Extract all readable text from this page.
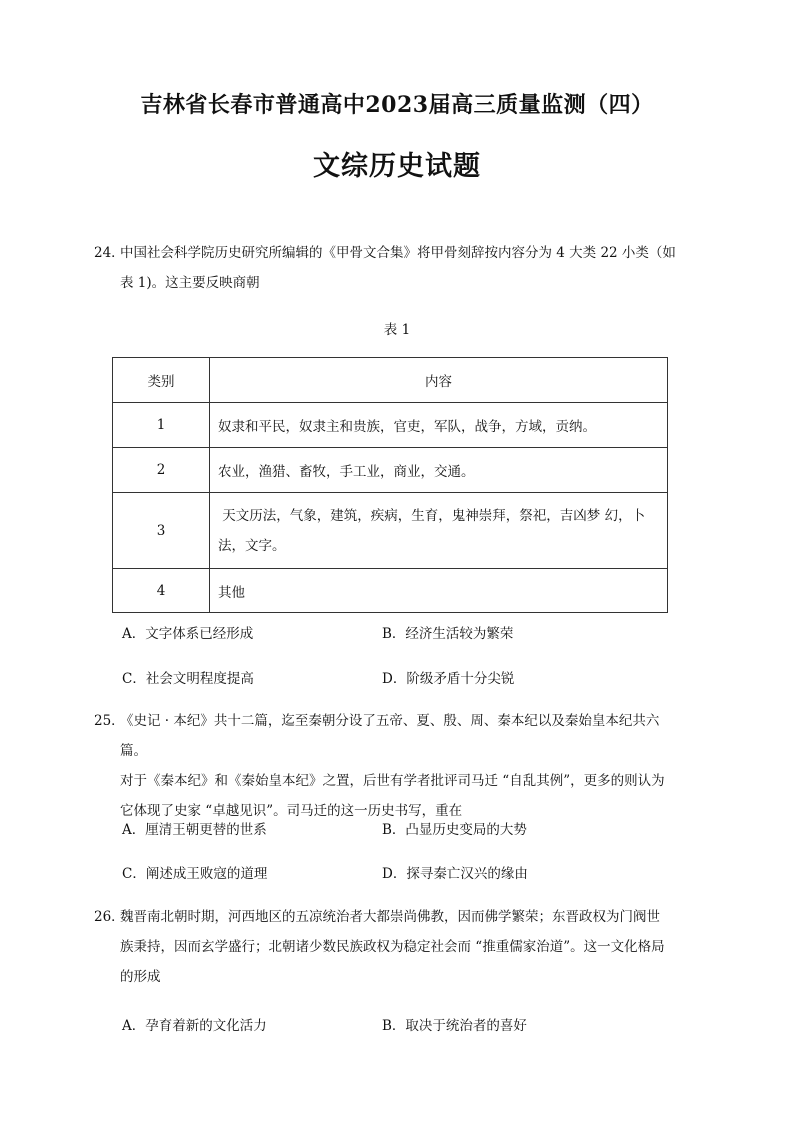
吉林省长春市普通高中2023届高三质量监测（四）
文综历史试题
24．
中国社会科学院历史研究所编辑的《甲骨文合集》将甲骨刻辞按内容分为 4 大类 22 小类（如
表 1)。这主要反映商朝
表 1
类别	内容
1	奴隶和平民，奴隶主和贵族，官吏，军队，战争，方域，贡纳。
2	农业，渔猎、畜牧，手工业，商业，交通。
3	天文历法，气象，建筑，疾病，生育，鬼神崇拜，祭祀，吉凶梦 幻，卜
法，文字。

4	其他
A．文字体系已经形成	B．经济生活较为繁荣
C．社会文明程度提高	D．阶级矛盾十分尖锐
25．
《史记 · 本纪》共十二篇，迄至秦朝分设了五帝、夏、殷、周、秦本纪以及秦始皇本纪共六篇。
对于《秦本纪》和《秦始皇本纪》之置，后世有学者批评司马迁 “自乱其例”，更多的则认为
它体现了史家 “卓越见识”。司马迁的这一历史书写，重在
A．厘清王朝更替的世系	B．凸显历史变局的大势
C．阐述成王败寇的道理	D．探寻秦亡汉兴的缘由
26．
魏晋南北朝时期，河西地区的五凉统治者大都崇尚佛教，因而佛学繁荣；东晋政权为门阀世
族秉持，因而玄学盛行；北朝诸少数民族政权为稳定社会而 “推重儒家治道”。这一文化格局
的形成
A．孕育着新的文化活力	B．取决于统治者的喜好
